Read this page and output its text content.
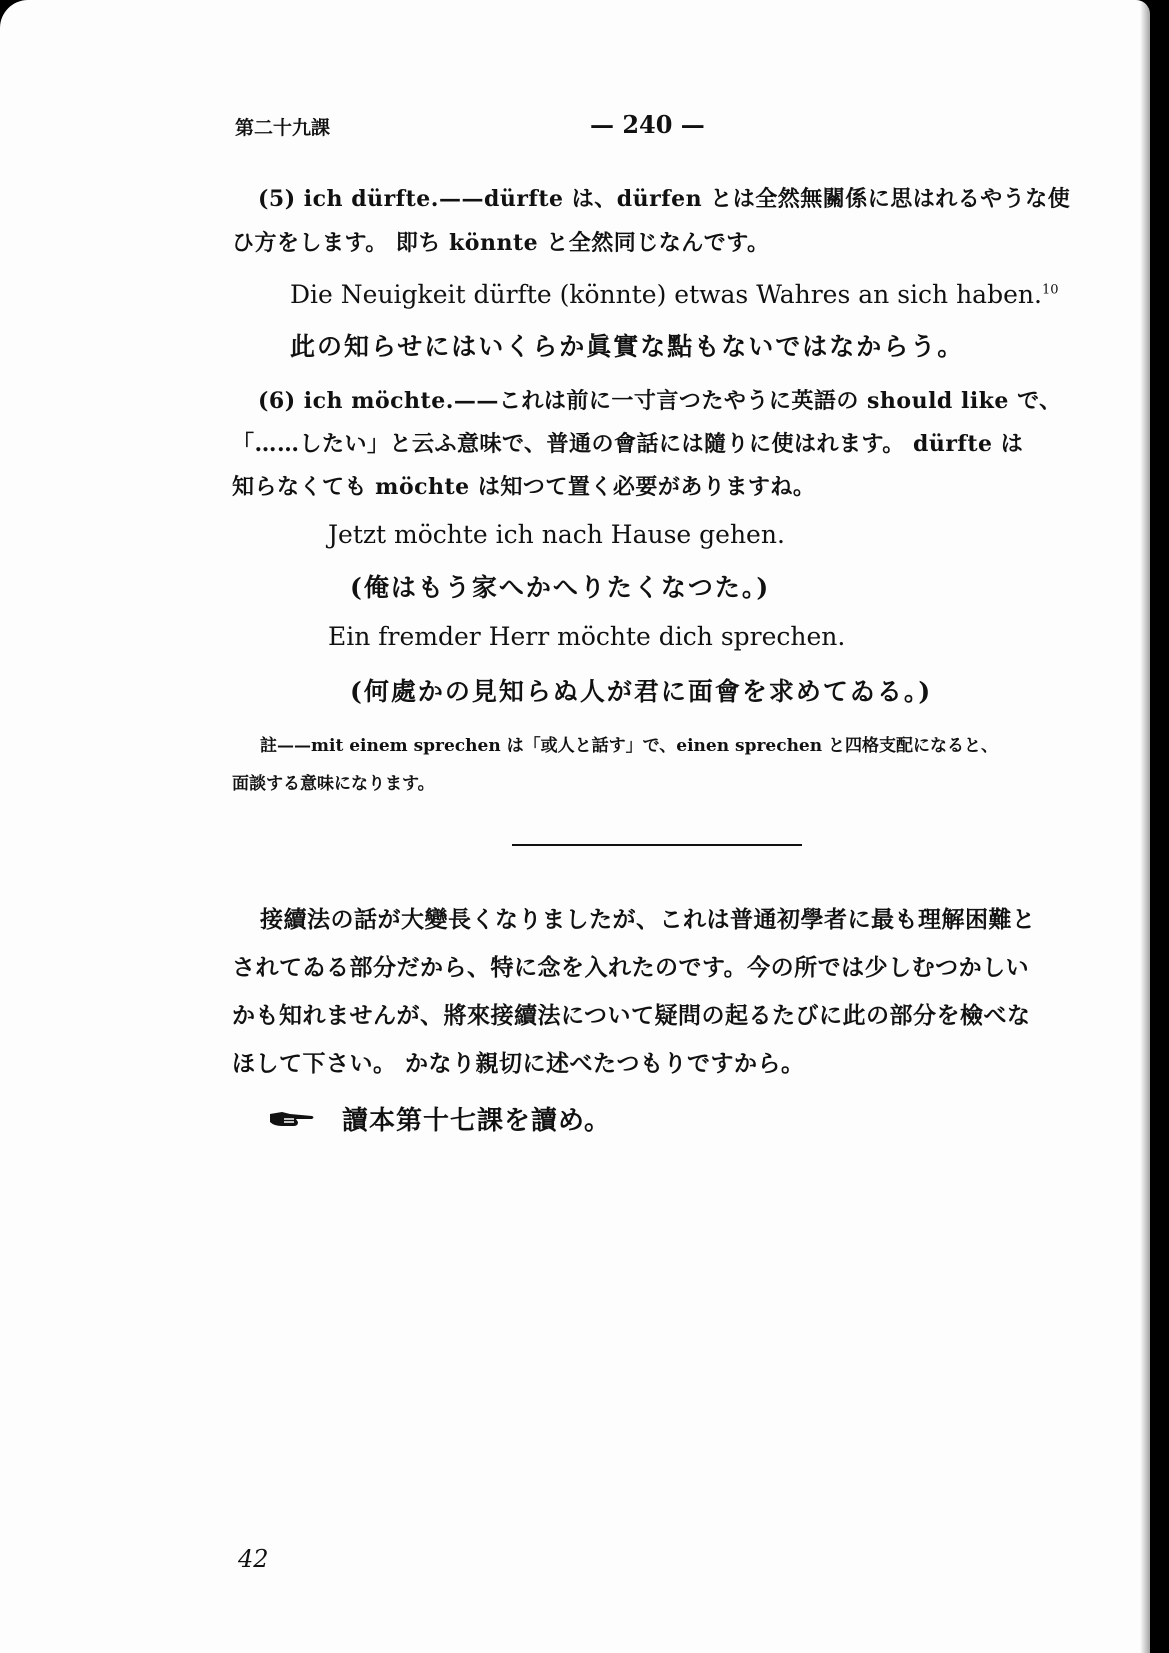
第二十九課	— 240 —
(5) ich dürfte.——dürfte は、dürfen とは全然無關係に思はれるやうな使
ひ方をします。 即ち könnte と全然同じなんです。
Die Neuigkeit dürfte (könnte) etwas Wahres an sich haben.$^{10}$
此の知らせにはいくらか眞實な點もないではなからう。
(6) ich möchte.——これは前に一寸言つたやうに英語の should like で、
「……したい」と云ふ意味で、普通の會話には隨りに使はれます。 dürfte は
知らなくても möchte は知つて置く必要がありますね。
Jetzt möchte ich nach Hause gehen.
(俺はもう家へかへりたくなつた。)
Ein fremder Herr möchte dich sprechen.
(何處かの見知らぬ人が君に面會を求めてゐる。)
註——mit einem sprechen は「或人と話す」で、einen sprechen と四格支配になると、
面談する意味になります。
接續法の話が大變長くなりましたが、これは普通初學者に最も理解困難と
されてゐる部分だから、特に念を入れたのです。今の所では少しむつかしい
かも知れませんが、將來接續法について疑問の起るたびに此の部分を檢べな
ほして下さい。 かなり親切に述べたつもりですから。
讀本第十七課を讀め。
42
